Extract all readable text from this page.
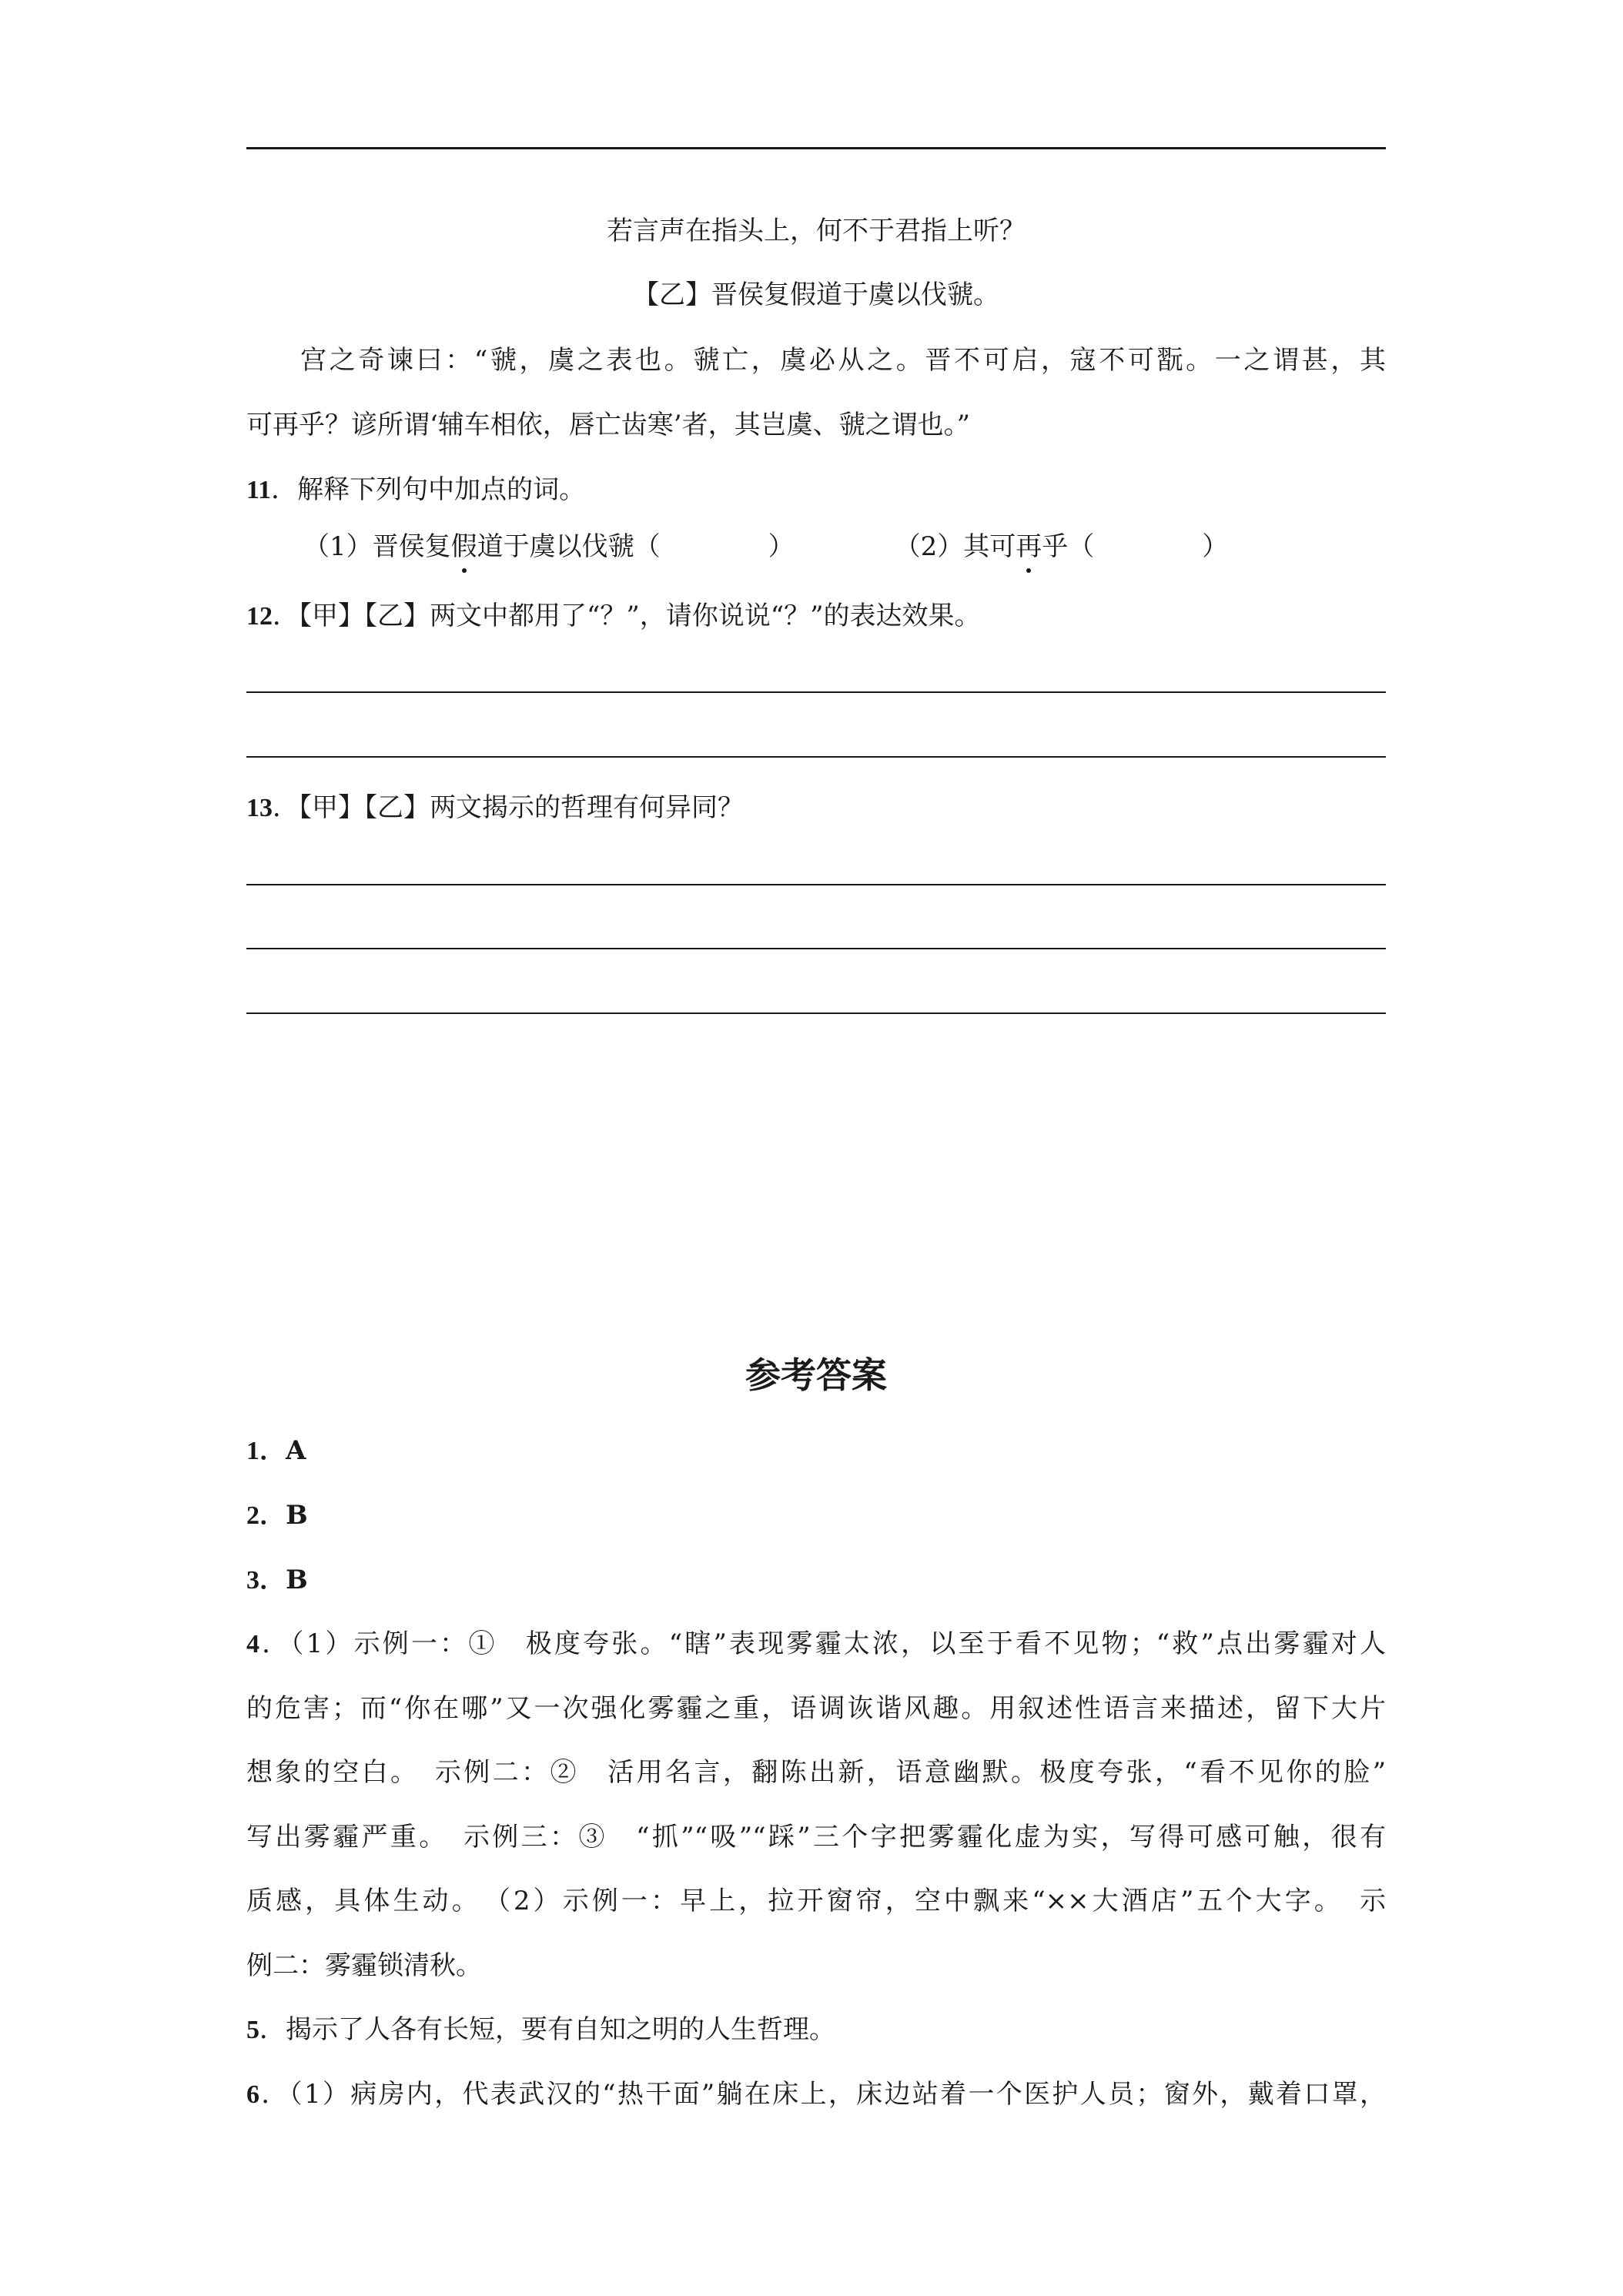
若言声在指头上，何不于君指上听？
【乙】晋侯复假道于虞以伐虢。
宫之奇谏曰：“虢，虞之表也。虢亡，虞必从之。晋不可启，寇不可翫。一之谓甚，其
可再乎？谚所谓‘辅车相依，唇亡齿寒’者，其岂虞、虢之谓也。”
11．解释下列句中加点的词。
（1）晋侯复假道于虞以伐虢（	）	（2）其可再乎（	）
12．【甲】【乙】两文中都用了“？”，请你说说“？”的表达效果。
13．【甲】【乙】两文揭示的哲理有何异同？
参考答案
1．A
2．B
3．B
4．（1）示例一：①　极度夸张。“瞎”表现雾霾太浓，以至于看不见物；“救”点出雾霾对人
的危害；而“你在哪”又一次强化雾霾之重，语调诙谐风趣。用叙述性语言来描述，留下大片
想象的空白。　示例二：②　活用名言，翻陈出新，语意幽默。极度夸张，“看不见你的脸”
写出雾霾严重。　示例三：③　“抓”“吸”“踩”三个字把雾霾化虚为实，写得可感可触，很有
质感，具体生动。　（2）示例一：早上，拉开窗帘，空中飘来“××大酒店”五个大字。　示
例二：雾霾锁清秋。
5．揭示了人各有长短，要有自知之明的人生哲理。
6．（1）病房内，代表武汉的“热干面”躺在床上，床边站着一个医护人员；窗外，戴着口罩，
